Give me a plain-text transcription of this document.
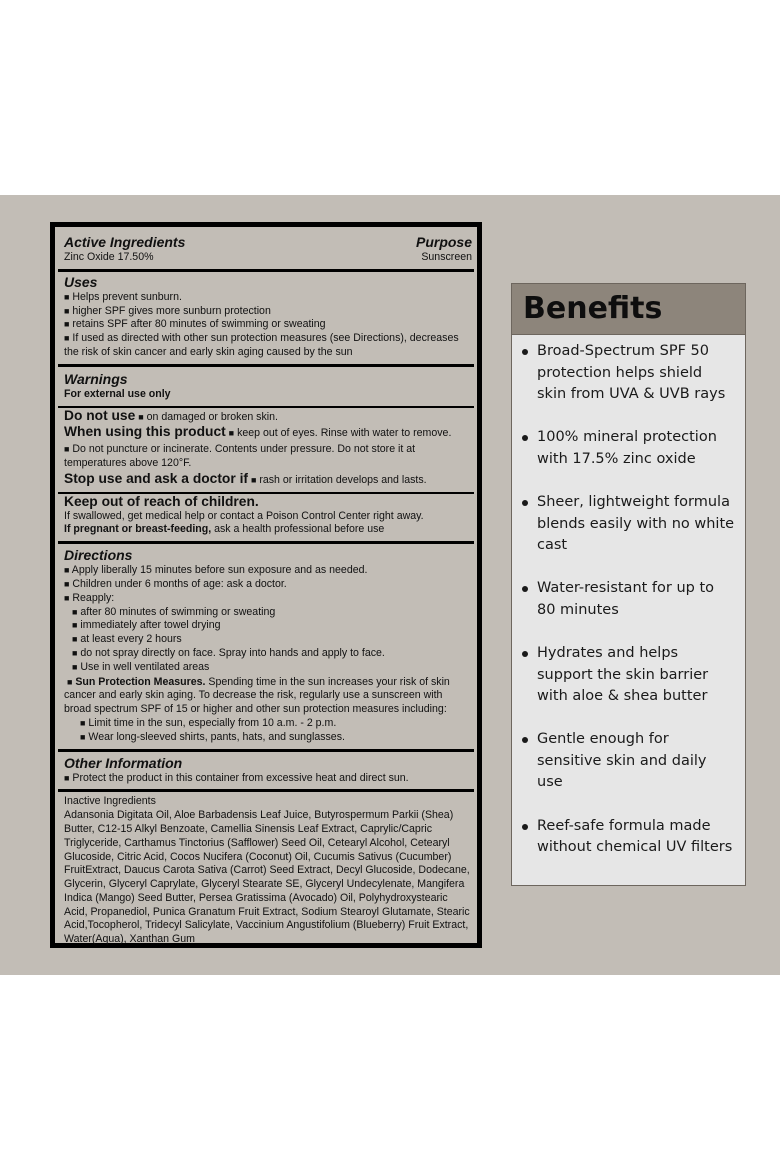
Active Ingredients	Purpose
Zinc Oxide 17.50%	Sunscreen
Uses
■ Helps prevent sunburn.
■ higher SPF gives more sunburn protection
■ retains SPF after 80 minutes of swimming or sweating
■ If used as directed with other sun protection measures (see Directions), decreases the risk of skin cancer and early skin aging caused by the sun
Warnings
For external use only
Do not use ■ on damaged or broken skin.
When using this product ■ keep out of eyes. Rinse with water to remove.
■ Do not puncture or incinerate. Contents under pressure. Do not store it at temperatures above 120°F.
Stop use and ask a doctor if ■ rash or irritation develops and lasts.
Keep out of reach of children.
If swallowed, get medical help or contact a Poison Control Center right away.
If pregnant or breast-feeding, ask a health professional before use
Directions
■ Apply liberally 15 minutes before sun exposure and as needed.
■ Children under 6 months of age: ask a doctor.
■ Reapply:
■ after 80 minutes of swimming or sweating
■ immediately after towel drying
■ at least every 2 hours
■ do not spray directly on face. Spray into hands and apply to face.
■ Use in well ventilated areas
■ Sun Protection Measures. Spending time in the sun increases your risk of skin cancer and early skin aging. To decrease the risk, regularly use a sunscreen with broad spectrum SPF of 15 or higher and other sun protection measures including:
■ Limit time in the sun, especially from 10 a.m. - 2 p.m.
■ Wear long-sleeved shirts, pants, hats, and sunglasses.
Other Information
■ Protect the product in this container from excessive heat and direct sun.
Inactive Ingredients
Adansonia Digitata Oil, Aloe Barbadensis Leaf Juice, Butyrospermum Parkii (Shea) Butter, C12-15 Alkyl Benzoate, Camellia Sinensis Leaf Extract, Caprylic/Capric Triglyceride, Carthamus Tinctorius (Safflower) Seed Oil, Cetearyl Alcohol, Cetearyl Glucoside, Citric Acid, Cocos Nucifera (Coconut) Oil, Cucumis Sativus (Cucumber) FruitExtract, Daucus Carota Sativa (Carrot) Seed Extract, Decyl Glucoside, Dodecane, Glycerin, Glyceryl Caprylate, Glyceryl Stearate SE, Glyceryl Undecylenate, Mangifera Indica (Mango) Seed Butter, Persea Gratissima (Avocado) Oil, Polyhydroxystearic Acid, Propanediol, Punica Granatum Fruit Extract, Sodium Stearoyl Glutamate, Stearic Acid,Tocopherol, Tridecyl Salicylate, Vaccinium Angustifolium (Blueberry) Fruit Extract, Water(Aqua), Xanthan Gum
Benefits
Broad-Spectrum SPF 50 protection helps shield skin from UVA & UVB rays
100% mineral protection with 17.5% zinc oxide
Sheer, lightweight formula blends easily with no white cast
Water-resistant for up to 80 minutes
Hydrates and helps support the skin barrier with aloe & shea butter
Gentle enough for sensitive skin and daily use
Reef-safe formula made without chemical UV filters
